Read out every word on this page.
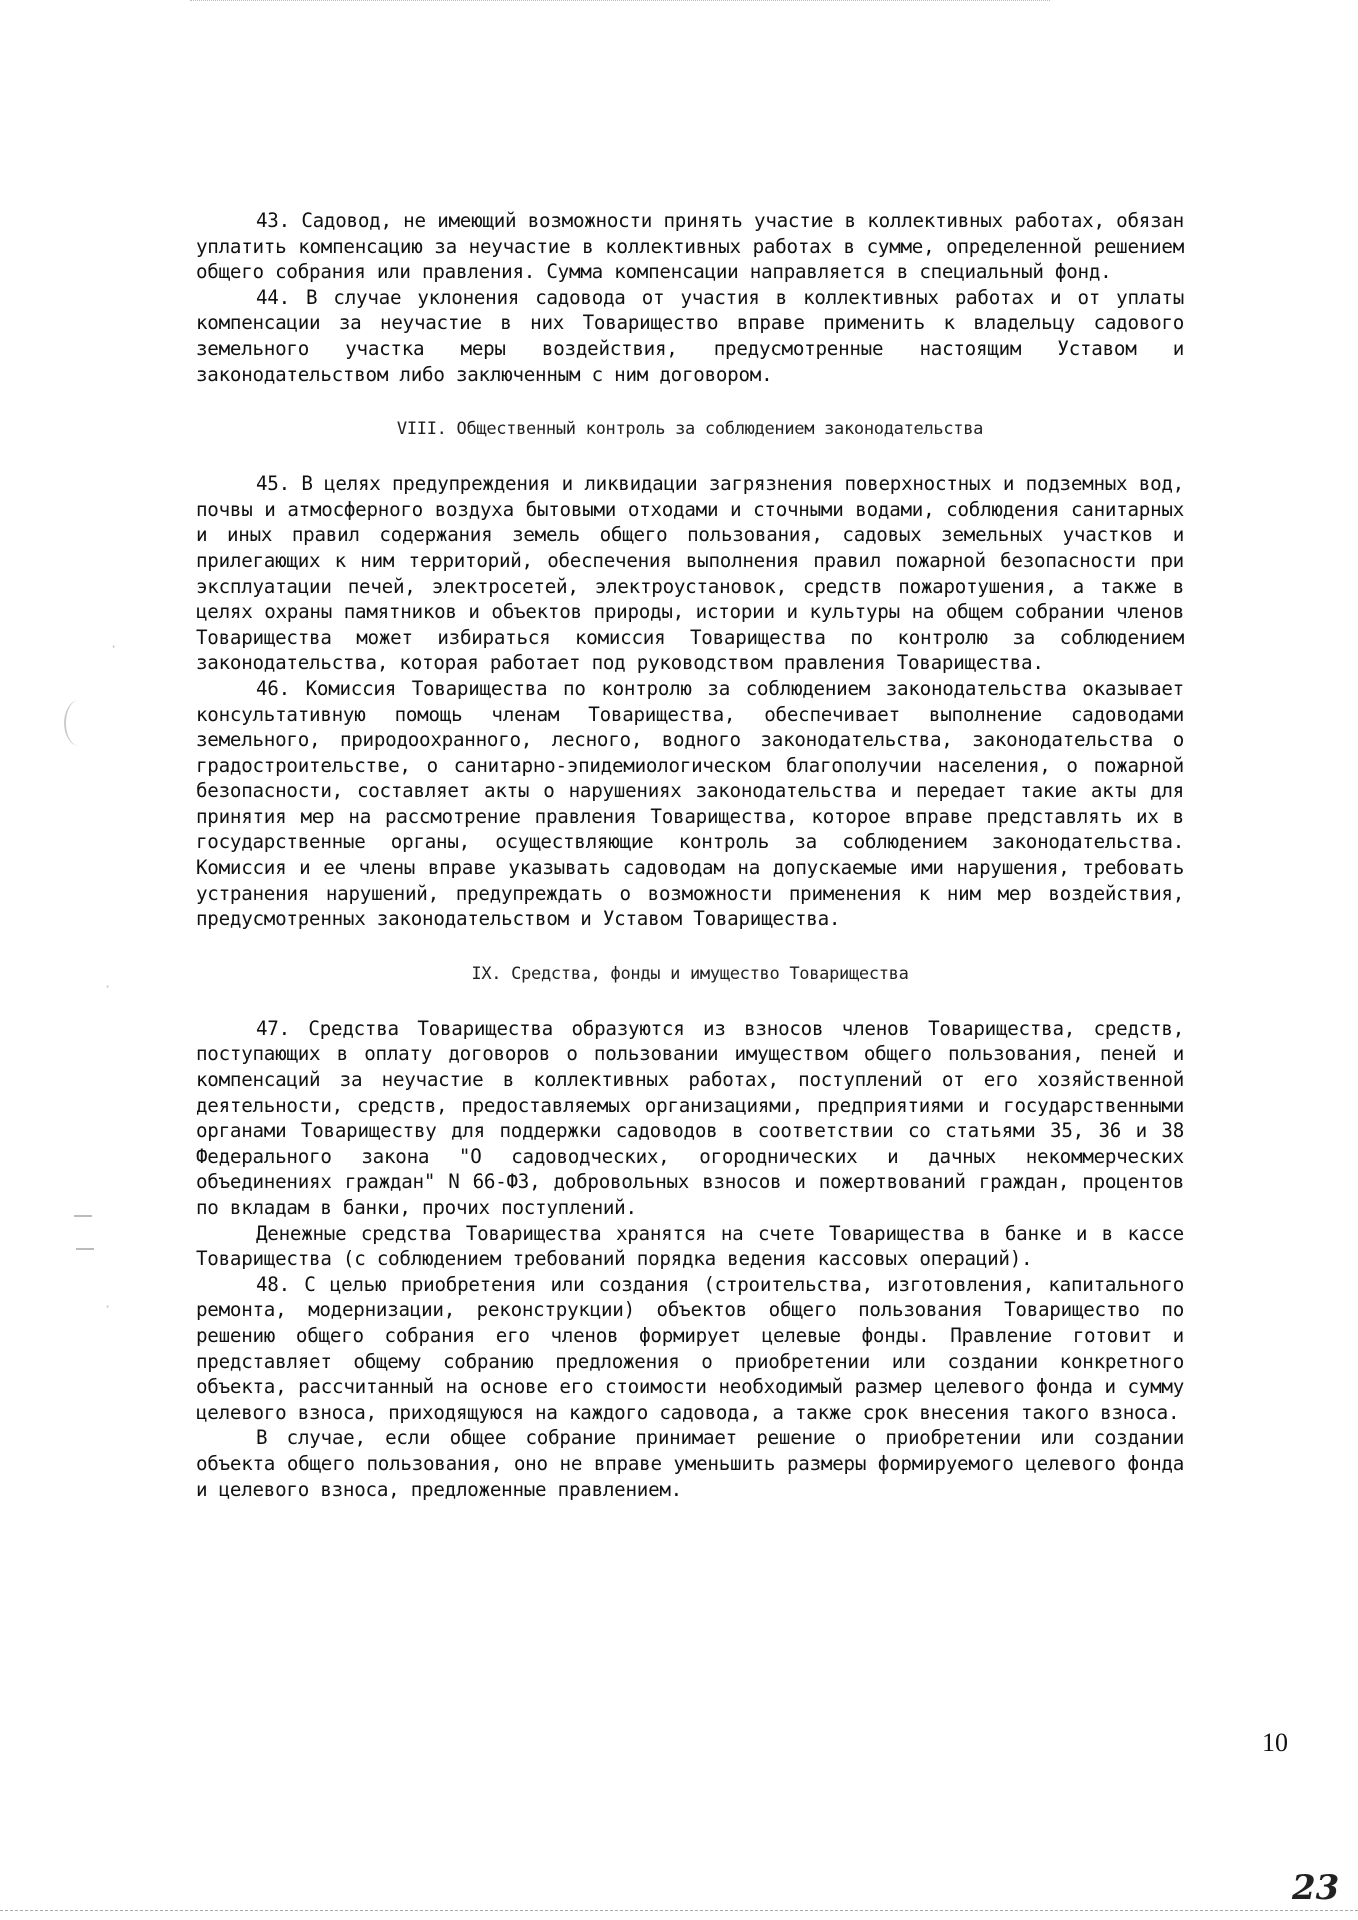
·
·
·

43. Садовод, не имеющий возможности принять участие в коллективных работах, обязан уплатить компенсацию за неучастие в коллективных работах в сумме, определенной решением общего собрания или правления. Сумма компенсации направляется в специальный фонд.

44. В случае уклонения садовода от участия в коллективных работах и от уплаты компенсации за неучастие в них Товарищество вправе применить к владельцу садового земельного участка меры воздействия, предусмотренные настоящим Уставом и законодательством либо заключенным с ним договором.

VIII. Общественный контроль за соблюдением законодательства

45. В целях предупреждения и ликвидации загрязнения поверхностных и подземных вод, почвы и атмосферного воздуха бытовыми отходами и сточными водами, соблюдения санитарных и иных правил содержания земель общего пользования, садовых земельных участков и прилегающих к ним территорий, обеспечения выполнения правил пожарной безопасности при эксплуатации печей, электросетей, электроустановок, средств пожаротушения, а также в целях охраны памятников и объектов природы, истории и культуры на общем собрании членов Товарищества может избираться комиссия Товарищества по контролю за соблюдением законодательства, которая работает под руководством правления Товарищества.

46. Комиссия Товарищества по контролю за соблюдением законодательства оказывает консультативную помощь членам Товарищества, обеспечивает выполнение садоводами земельного, природоохранного, лесного, водного законодательства, законодательства о градостроительстве, о санитарно-эпидемиологическом благополучии населения, о пожарной безопасности, составляет акты о нарушениях законодательства и передает такие акты для принятия мер на рассмотрение правления Товарищества, которое вправе представлять их в государственные органы, осуществляющие контроль за соблюдением законодательства. Комиссия и ее члены вправе указывать садоводам на допускаемые ими нарушения, требовать устранения нарушений, предупреждать о возможности применения к ним мер воздействия, предусмотренных законодательством и Уставом Товарищества.

IX. Средства, фонды и имущество Товарищества

47. Средства Товарищества образуются из взносов членов Товарищества, средств, поступающих в оплату договоров о пользовании имуществом общего пользования, пеней и компенсаций за неучастие в коллективных работах, поступлений от его хозяйственной деятельности, средств, предоставляемых организациями, предприятиями и государственными органами Товариществу для поддержки садоводов в соответствии со статьями 35, 36 и 38 Федерального закона "О садоводческих, огороднических и дачных некоммерческих объединениях граждан" N 66-ФЗ, добровольных взносов и пожертвований граждан, процентов по вкладам в банки, прочих поступлений.

Денежные средства Товарищества хранятся на счете Товарищества в банке и в кассе Товарищества (с соблюдением требований порядка ведения кассовых операций).

48. С целью приобретения или создания (строительства, изготовления, капитального ремонта, модернизации, реконструкции) объектов общего пользования Товарищество по решению общего собрания его членов формирует целевые фонды. Правление готовит и представляет общему собранию предложения о приобретении или создании конкретного объекта, рассчитанный на основе его стоимости необходимый размер целевого фонда и сумму целевого взноса, приходящуюся на каждого садовода, а также срок внесения такого взноса.

В случае, если общее собрание принимает решение о приобретении или создании объекта общего пользования, оно не вправе уменьшить размеры формируемого целевого фонда и целевого взноса, предложенные правлением.

10
23
